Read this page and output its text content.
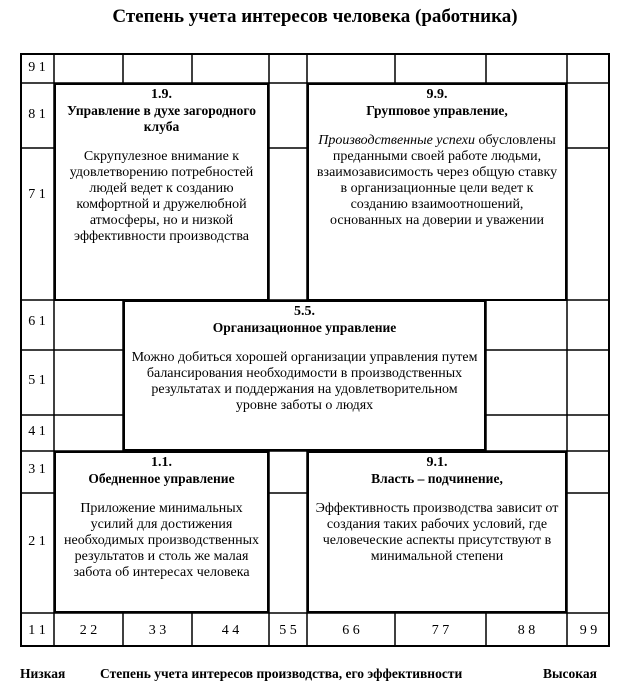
Степень учета интересов человека (работника)
9 1
8 1
7 1
6 1
5 1
4 1
3 1
2 1
1 1	2 2	3 3	4 4	5 5	6 6	7 7	8 8	9 9
1.9.
Управление в духе загородного клуба
Скрупулезное внимание к удовлетворению потребностей людей ведет к созданию комфортной и дружелюбной атмосферы, но и низкой эффективности производства
9.9.
Групповое управление,
Производственные успехи обусловлены преданными своей работе людьми, взаимозависимость через общую ставку в организационные цели ведет к созданию взаимоотношений, основанных на доверии и уважении
5.5.
Организационное управление
Можно добиться хорошей организации управления путем балансирования необходимости в производственных результатах и поддержания на удовлетворительном уровне заботы о людях
1.1.
Обедненное управление
Приложение минимальных усилий для достижения необходимых производственных результатов и столь же малая забота об интересах человека
9.1.
Власть – подчинение,
Эффективность производства зависит от создания таких рабочих условий, где человеческие аспекты присутствуют в минимальной степени
Низкая	Степень учета интересов производства, его эффективности	Высокая
